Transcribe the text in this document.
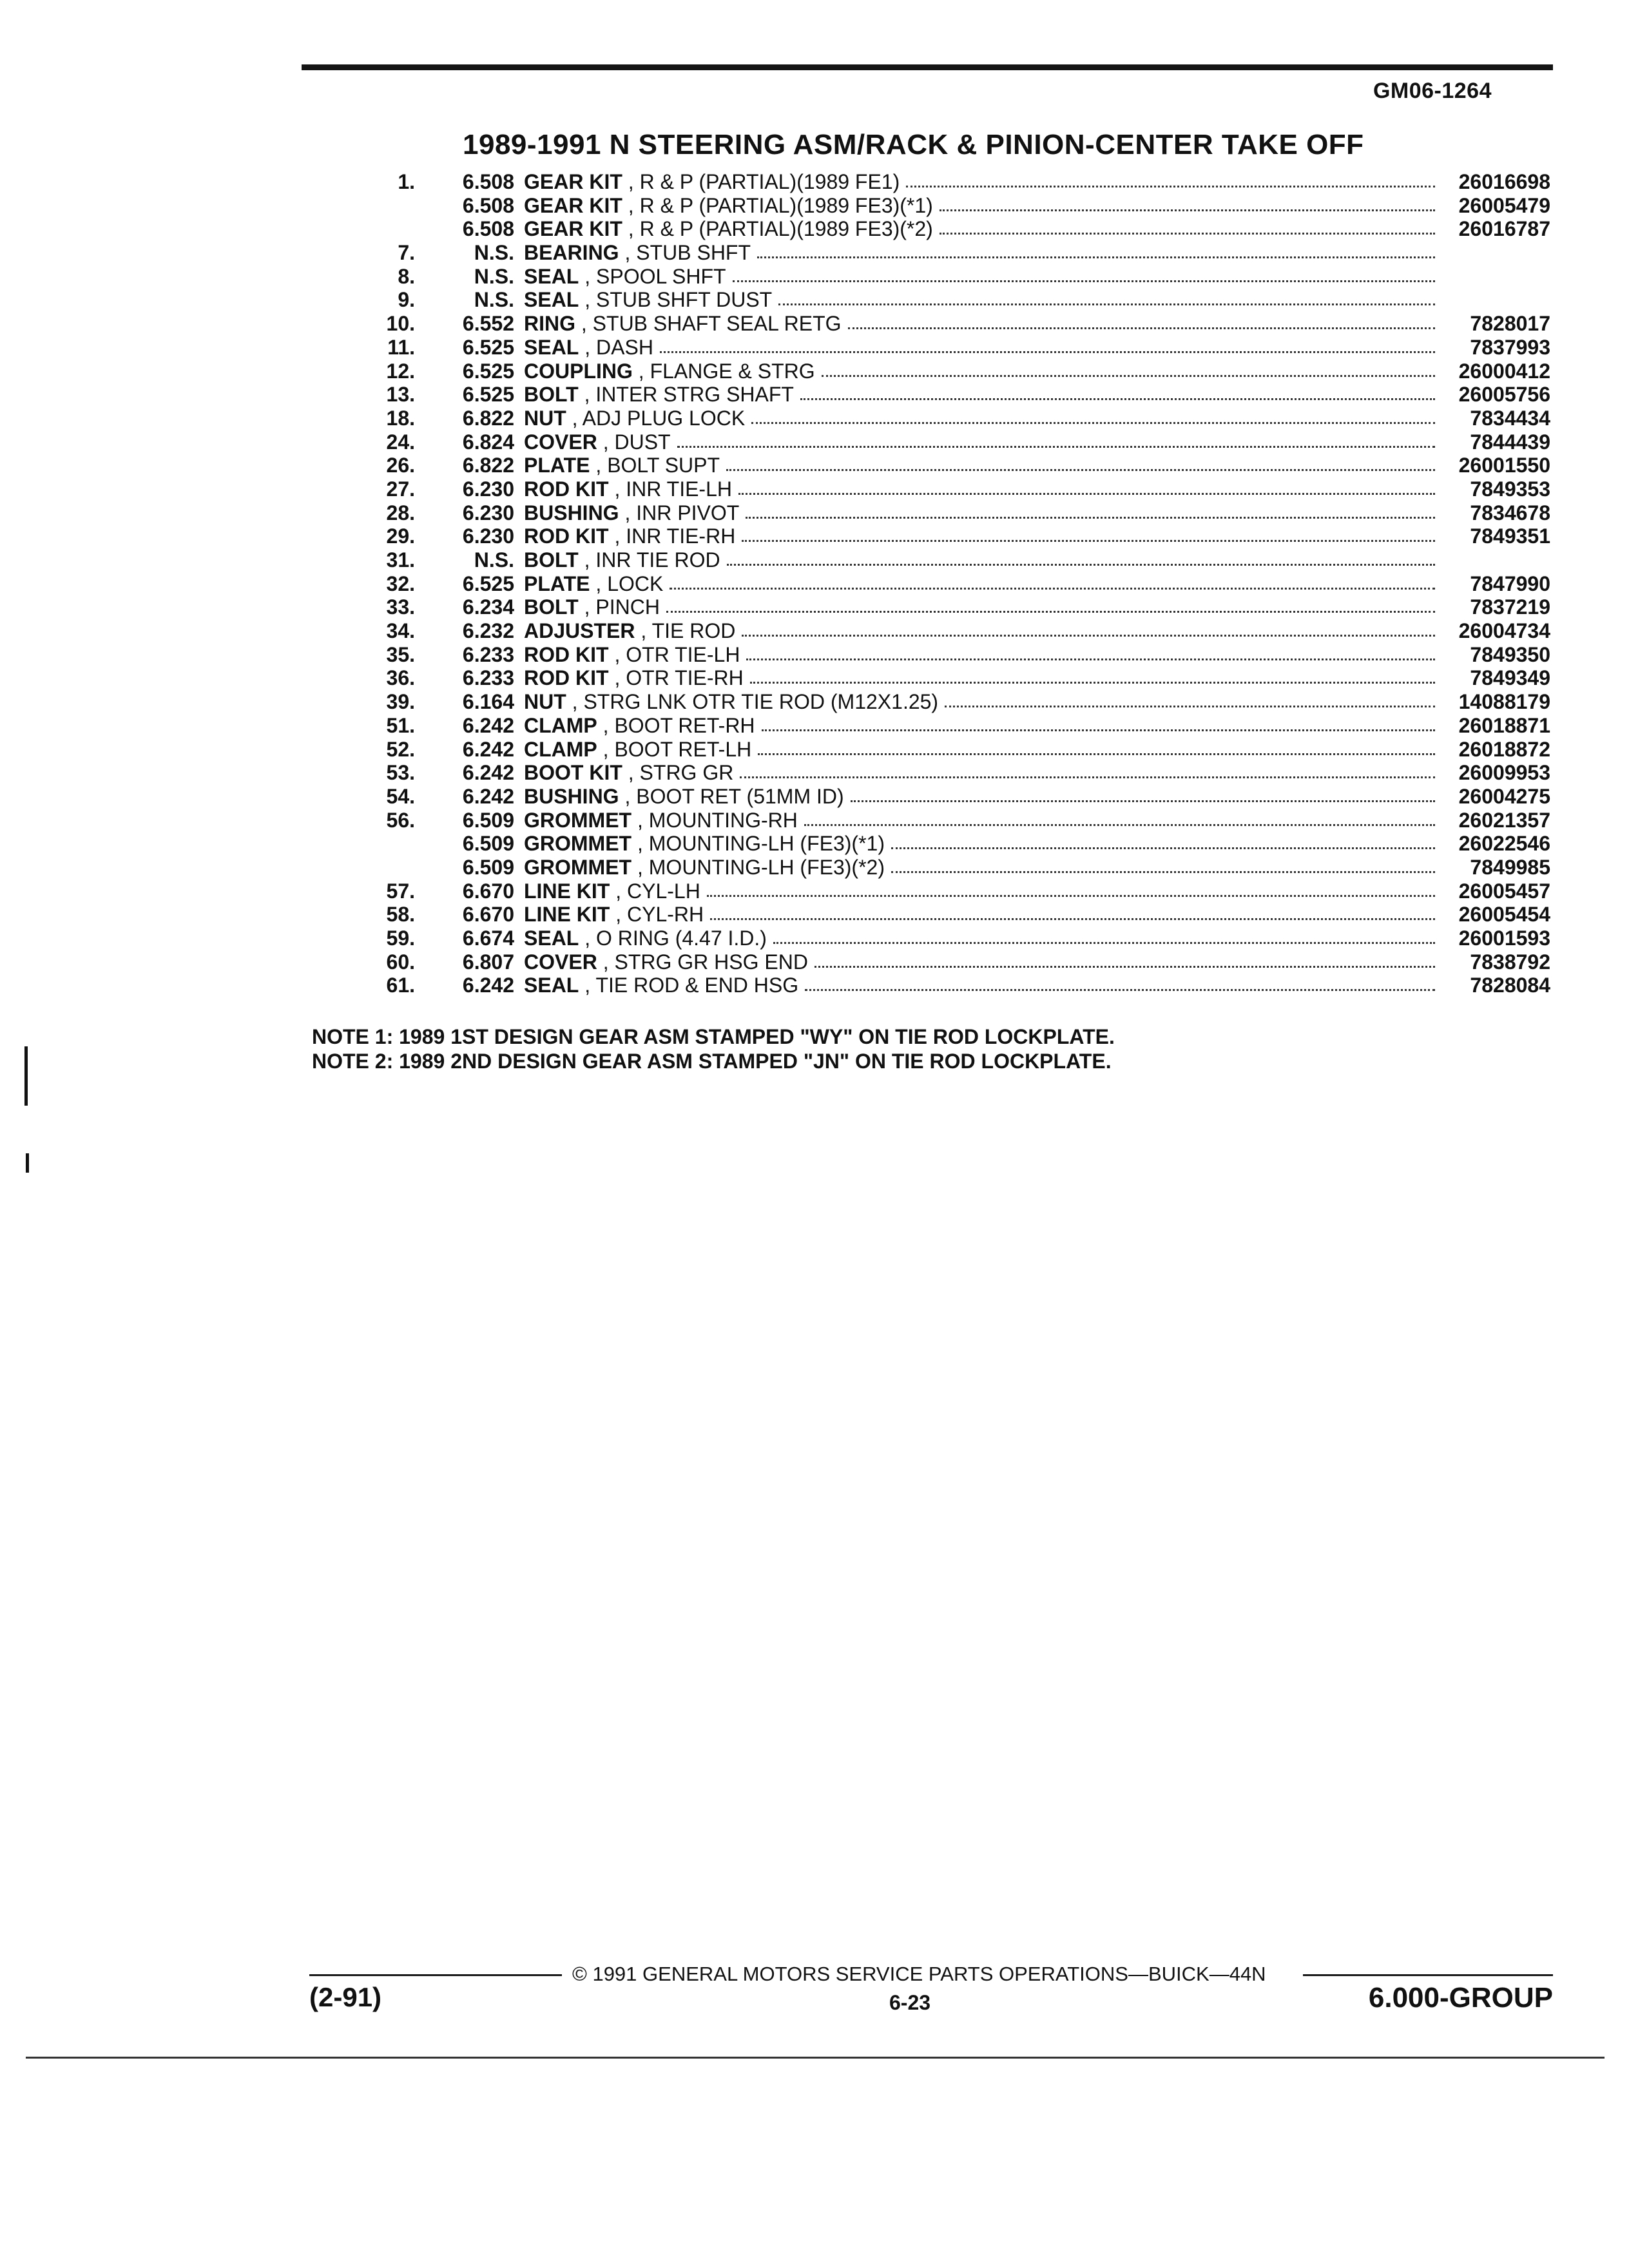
GM06-1264
1989-1991 N STEERING ASM/RACK & PINION-CENTER TAKE OFF
1.	6.508 GEAR KIT , R & P (PARTIAL)(1989 FE1)	26016698
6.508 GEAR KIT , R & P (PARTIAL)(1989 FE3)(*1)	26005479
6.508 GEAR KIT , R & P (PARTIAL)(1989 FE3)(*2)	26016787
7.	N.S. BEARING , STUB SHFT
8.	N.S. SEAL , SPOOL SHFT
9.	N.S. SEAL , STUB SHFT DUST
10.	6.552 RING , STUB SHAFT SEAL RETG	7828017
11.	6.525 SEAL , DASH	7837993
12.	6.525 COUPLING , FLANGE & STRG	26000412
13.	6.525 BOLT , INTER STRG SHAFT	26005756
18.	6.822 NUT , ADJ PLUG LOCK	7834434
24.	6.824 COVER , DUST	7844439
26.	6.822 PLATE , BOLT SUPT	26001550
27.	6.230 ROD KIT , INR TIE-LH	7849353
28.	6.230 BUSHING , INR PIVOT	7834678
29.	6.230 ROD KIT , INR TIE-RH	7849351
31.	N.S. BOLT , INR TIE ROD
32.	6.525 PLATE , LOCK	7847990
33.	6.234 BOLT , PINCH	7837219
34.	6.232 ADJUSTER , TIE ROD	26004734
35.	6.233 ROD KIT , OTR TIE-LH	7849350
36.	6.233 ROD KIT , OTR TIE-RH	7849349
39.	6.164 NUT , STRG LNK OTR TIE ROD (M12X1.25)	14088179
51.	6.242 CLAMP , BOOT RET-RH	26018871
52.	6.242 CLAMP , BOOT RET-LH	26018872
53.	6.242 BOOT KIT , STRG GR	26009953
54.	6.242 BUSHING , BOOT RET (51MM ID)	26004275
56.	6.509 GROMMET , MOUNTING-RH	26021357
6.509 GROMMET , MOUNTING-LH (FE3)(*1)	26022546
6.509 GROMMET , MOUNTING-LH (FE3)(*2)	7849985
57.	6.670 LINE KIT , CYL-LH	26005457
58.	6.670 LINE KIT , CYL-RH	26005454
59.	6.674 SEAL , O RING (4.47 I.D.)	26001593
60.	6.807 COVER , STRG GR HSG END	7838792
61.	6.242 SEAL , TIE ROD & END HSG	7828084
NOTE 1: 1989 1ST DESIGN GEAR ASM STAMPED "WY" ON TIE ROD LOCKPLATE.
NOTE 2: 1989 2ND DESIGN GEAR ASM STAMPED "JN" ON TIE ROD LOCKPLATE.
© 1991 GENERAL MOTORS SERVICE PARTS OPERATIONS—BUICK—44N
(2-91)	6-23	6.000-GROUP
